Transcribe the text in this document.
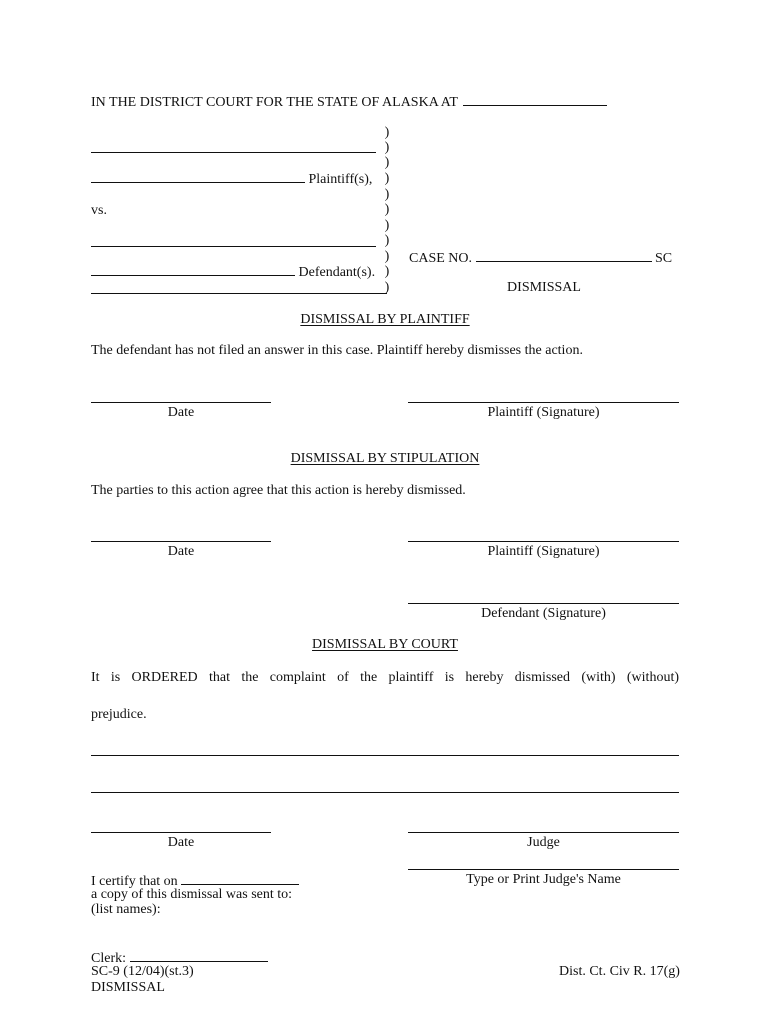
IN THE DISTRICT COURT FOR THE STATE OF ALASKA AT
Plaintiff(s),
vs.
Defendant(s).
)
)
)
)
)
)
)
)
)
)
)
CASE NO.	SC
DISMISSAL
DISMISSAL BY PLAINTIFF
The defendant has not filed an answer in this case. Plaintiff hereby dismisses the action.
Date	Plaintiff (Signature)
DISMISSAL BY STIPULATION
The parties to this action agree that this action is hereby dismissed.
Date	Plaintiff (Signature)
Defendant (Signature)
DISMISSAL BY COURT
It is ORDERED that the complaint of the plaintiff is hereby dismissed (with) (without)
prejudice.
Date	Judge
Type or Print Judge's Name
I certify that on
a copy of this dismissal was sent to:
(list names):
Clerk:
SC-9 (12/04)(st.3)
DISMISSAL
Dist. Ct. Civ R. 17(g)
